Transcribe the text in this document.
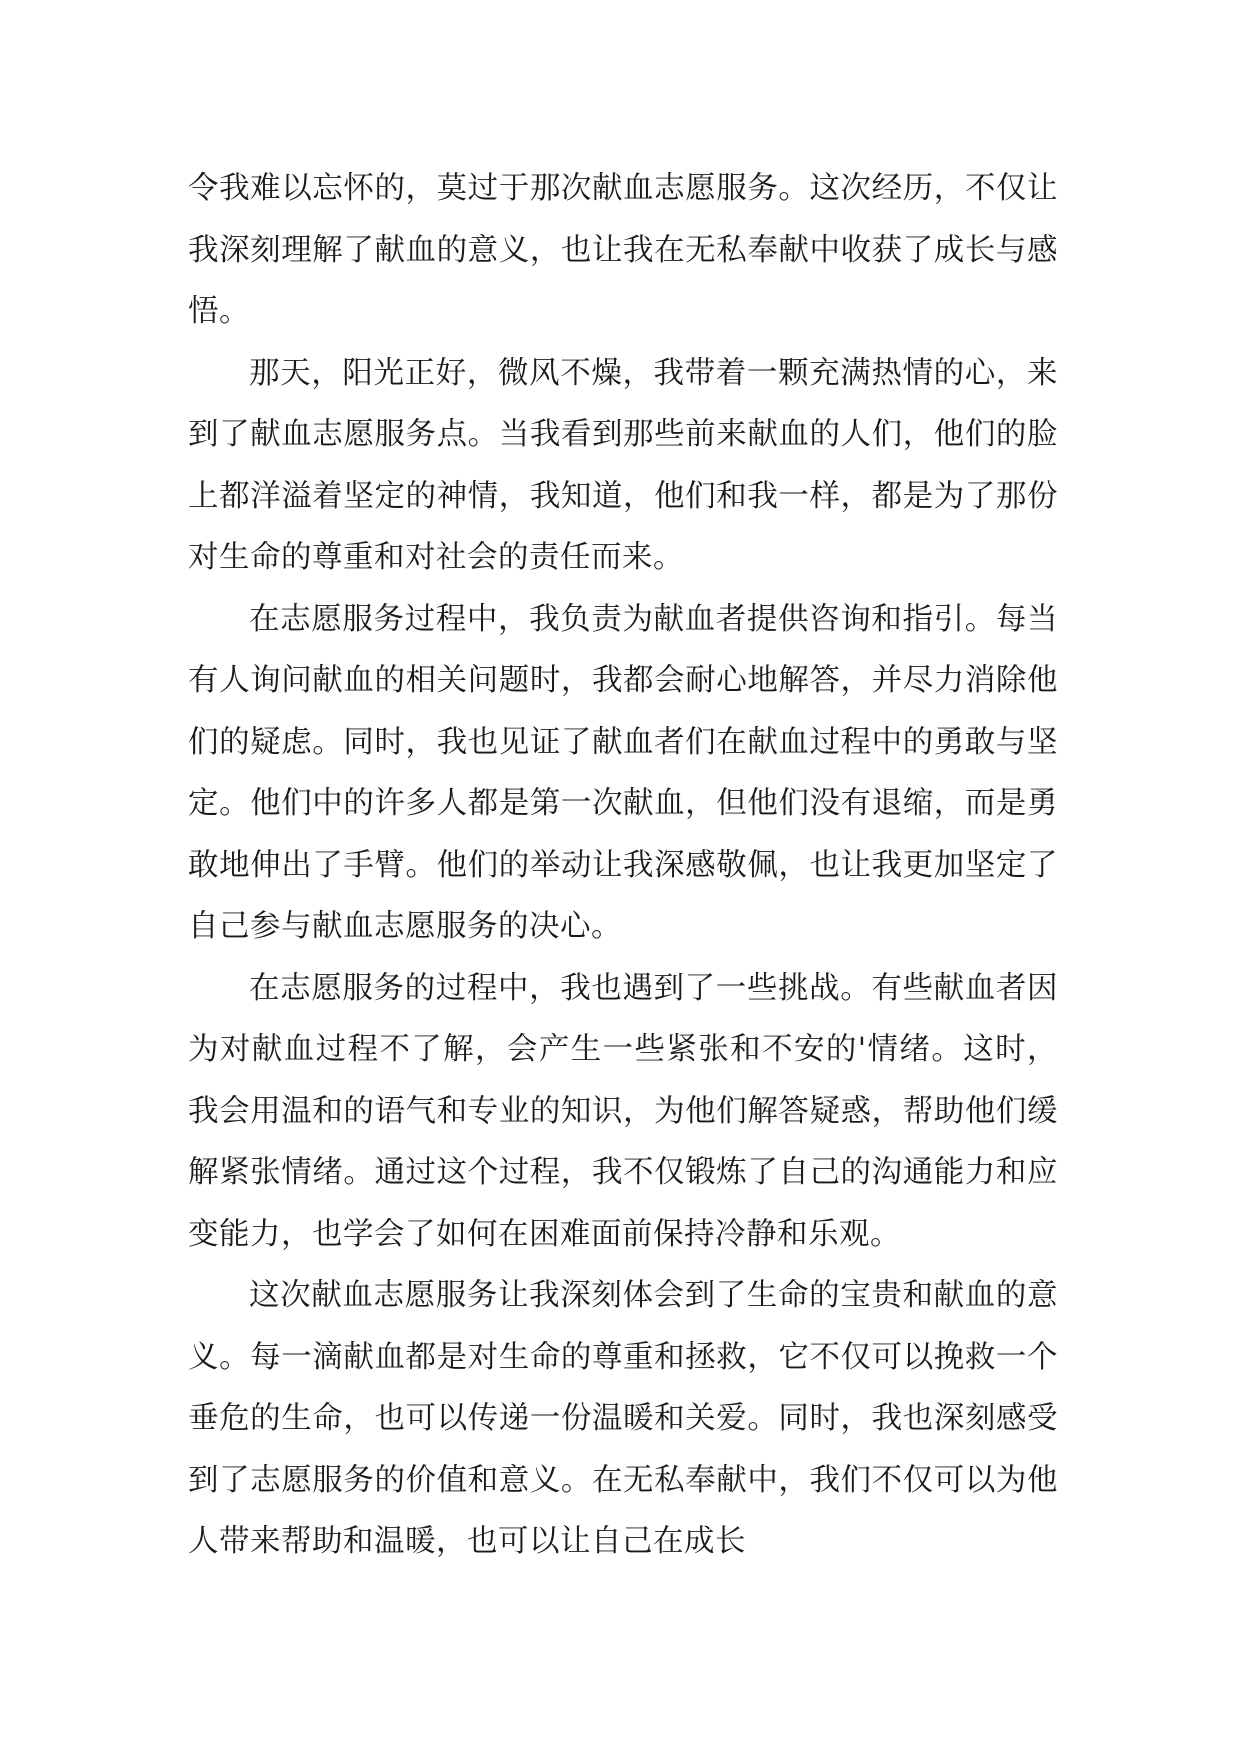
令我难以忘怀的，莫过于那次献血志愿服务。这次经历，不仅让我深刻理解了献血的意义，也让我在无私奉献中收获了成长与感悟。

那天，阳光正好，微风不燥，我带着一颗充满热情的心，来到了献血志愿服务点。当我看到那些前来献血的人们，他们的脸上都洋溢着坚定的神情，我知道，他们和我一样，都是为了那份对生命的尊重和对社会的责任而来。

在志愿服务过程中，我负责为献血者提供咨询和指引。每当有人询问献血的相关问题时，我都会耐心地解答，并尽力消除他们的疑虑。同时，我也见证了献血者们在献血过程中的勇敢与坚定。他们中的许多人都是第一次献血，但他们没有退缩，而是勇敢地伸出了手臂。他们的举动让我深感敬佩，也让我更加坚定了自己参与献血志愿服务的决心。

在志愿服务的过程中，我也遇到了一些挑战。有些献血者因为对献血过程不了解，会产生一些紧张和不安的'情绪。这时，我会用温和的语气和专业的知识，为他们解答疑惑，帮助他们缓解紧张情绪。通过这个过程，我不仅锻炼了自己的沟通能力和应变能力，也学会了如何在困难面前保持冷静和乐观。

这次献血志愿服务让我深刻体会到了生命的宝贵和献血的意义。每一滴献血都是对生命的尊重和拯救，它不仅可以挽救一个垂危的生命，也可以传递一份温暖和关爱。同时，我也深刻感受到了志愿服务的价值和意义。在无私奉献中，我们不仅可以为他人带来帮助和温暖，也可以让自己在成长
